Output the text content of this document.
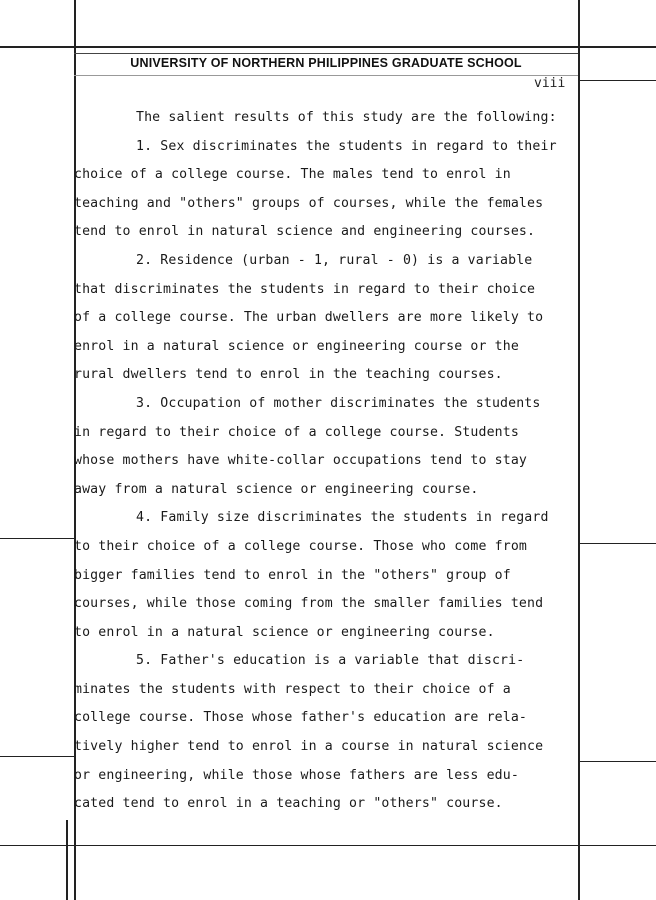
UNIVERSITY OF NORTHERN PHILIPPINES GRADUATE SCHOOL
viii
The salient results of this study are the following:
1. Sex discriminates the students in regard to their
choice of a college course. The males tend to enrol in
teaching and "others" groups of courses, while the females
tend to enrol in natural science and engineering courses.
2. Residence (urban - 1, rural - 0) is a variable
that discriminates the students in regard to their choice
of a college course. The urban dwellers are more likely to
enrol in a natural science or engineering course or the
rural dwellers tend to enrol in the teaching courses.
3. Occupation of mother discriminates the students
in regard to their choice of a college course. Students
whose mothers have white-collar occupations tend to stay
away from a natural science or engineering course.
4. Family size discriminates the students in regard
to their choice of a college course. Those who come from
bigger families tend to enrol in the "others" group of
courses, while those coming from the smaller families tend
to enrol in a natural science or engineering course.
5. Father's education is a variable that discri-
minates the students with respect to their choice of a
college course. Those whose father's education are rela-
tively higher tend to enrol in a course in natural science
or engineering, while those whose fathers are less edu-
cated tend to enrol in a teaching or "others" course.
